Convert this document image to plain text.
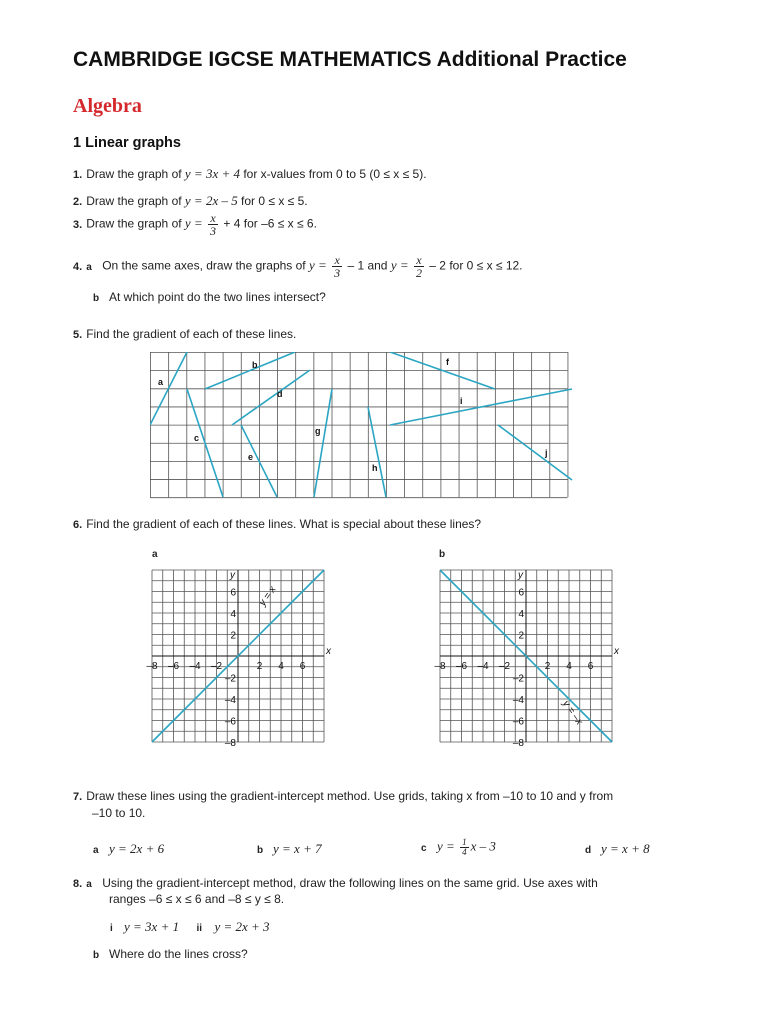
CAMBRIDGE IGCSE MATHEMATICS Additional Practice
Algebra
1 Linear graphs
1. Draw the graph of y = 3x + 4 for x-values from 0 to 5 (0 ≤ x ≤ 5).
2. Draw the graph of y = 2x – 5 for 0 ≤ x ≤ 5.
3. Draw the graph of $y = \frac{x}{3} + 4$ for –6 ≤ x ≤ 6.
4. a On the same axes, draw the graphs of $y = \frac{x}{3} - 1$ and $y = \frac{x}{2} - 2$ for 0 ≤ x ≤ 12.
b At which point do the two lines intersect?
5. Find the gradient of each of these lines.
a
b
c
d
e
f
g
h
i
j
6. Find the gradient of each of these lines. What is special about these lines?
a	b
–8 –6 –4 –2	2 4 6
6
4
2
–2
–4
–6
–8
x
y
y = x
–8 –6 –4 –2	2 4 6
6
4
2
–2
–4
–6
–8
x
y
y = –x
7. Draw these lines using the gradient-intercept method. Use grids, taking x from –10 to 10 and y from
–10 to 10.
a y = 2x + 6	b y = x + 7	c $y = \frac{1}{4}$ x – 3	d y = x + 8
8. a Using the gradient-intercept method, draw the following lines on the same grid. Use axes with
ranges –6 ≤ x ≤ 6 and –8 ≤ y ≤ 8.
i y = 3x + 1 ii y = 2x + 3
b Where do the lines cross?
